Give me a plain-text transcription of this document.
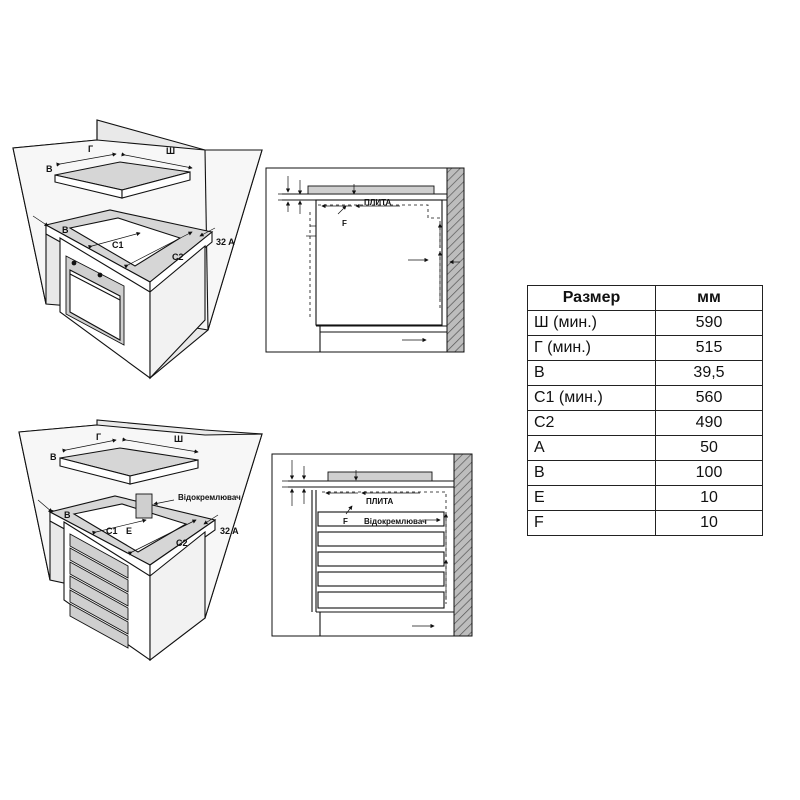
Г	Ш
В
В
C1
C2
32 A
ПЛИТА
F
Г	Ш
В
В
C1 E
C2
32 A
Відокремлювач	ПЛИТА
F Відокремлювач
Размер	мм
Ш (мин.)	590
Г (мин.)	515
B	39,5
C1 (мин.)	560
C2	490
A	50
B	100
E	10
F	10
